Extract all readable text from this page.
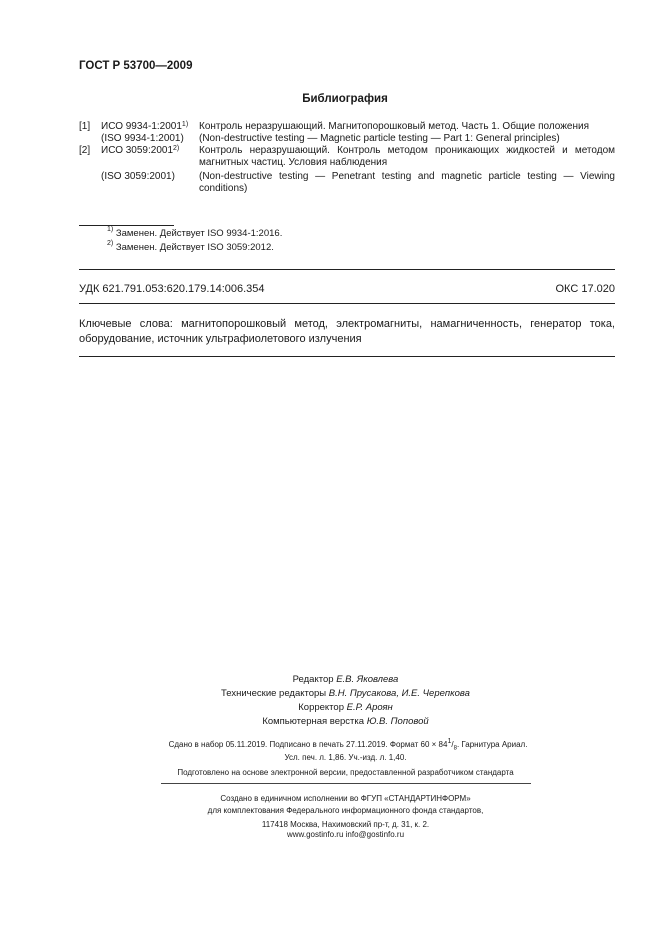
ГОСТ Р 53700—2009
Библиография
[1] ИСО 9934-1:2001$^{1)}$ Контроль неразрушающий. Магнитопорошковый метод. Часть 1. Общие положения
(ISO 9934-1:2001) (Non-destructive testing — Magnetic particle testing — Part 1: General principles)
[2] ИСО 3059:2001$^{2)}$ Контроль неразрушающий. Контроль методом проникающих жидкостей и методом магнитных частиц. Условия наблюдения
(ISO 3059:2001) (Non-destructive testing — Penetrant testing and magnetic particle testing — Viewing conditions)
$^{1)}$ Заменен. Действует ISO 9934-1:2016.
$^{2)}$ Заменен. Действует ISO 3059:2012.
УДК 621.791.053:620.179.14:006.354	ОКС 17.020
Ключевые слова: магнитопорошковый метод, электромагниты, намагниченность, генератор тока, оборудование, источник ультрафиолетового излучения
Редактор Е.В. Яковлева
Технические редакторы В.Н. Прусакова, И.Е. Черепкова
Корректор Е.Р. Ароян
Компьютерная верстка Ю.В. Поповой
Сдано в набор 05.11.2019. Подписано в печать 27.11.2019. Формат $60 \times 84^1/_8$. Гарнитура Ариал.
Усл. печ. л. 1,86. Уч.-изд. л. 1,40.
Подготовлено на основе электронной версии, предоставленной разработчиком стандарта
Создано в единичном исполнении во ФГУП «СТАНДАРТИНФОРМ»
для комплектования Федерального информационного фонда стандартов,
117418 Москва, Нахимовский пр-т, д. 31, к. 2.
www.gostinfo.ru info@gostinfo.ru
